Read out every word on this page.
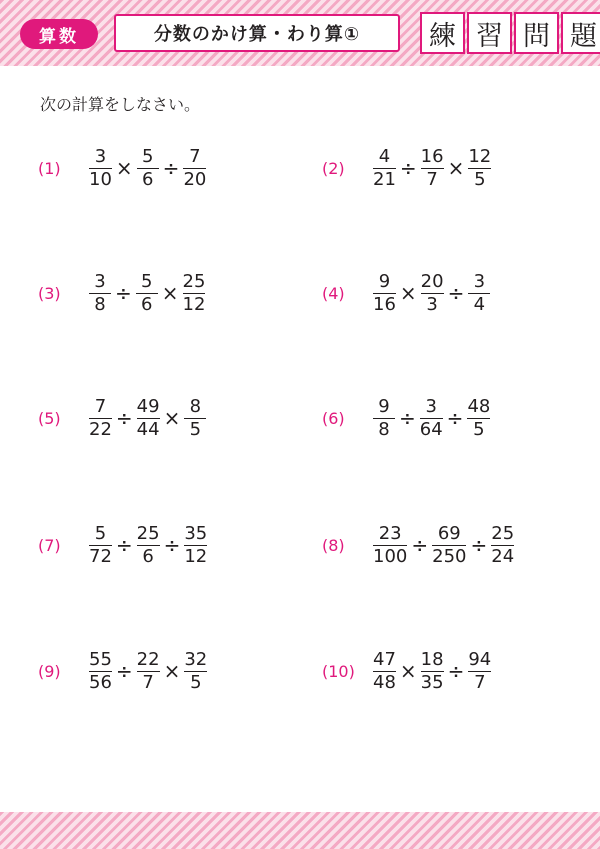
算数	分数のかけ算・わり算①	練 習 問 題
次の計算をしなさい。
(1)	$\frac{3}{10} \times \frac{5}{6} \div \frac{7}{20}$	(2)	$\frac{4}{21} \div \frac{16}{7} \times \frac{12}{5}$
(3)	$\frac{3}{8} \div \frac{5}{6} \times \frac{25}{12}$	(4)	$\frac{9}{16} \times \frac{20}{3} \div \frac{3}{4}$
(5)	$\frac{7}{22} \div \frac{49}{44} \times \frac{8}{5}$	(6)	$\frac{9}{8} \div \frac{3}{64} \div \frac{48}{5}$
(7)	$\frac{5}{72} \div \frac{25}{6} \div \frac{35}{12}$	(8)	$\frac{23}{100} \div \frac{69}{250} \div \frac{25}{24}$
(9)	$\frac{55}{56} \div \frac{22}{7} \times \frac{32}{5}$	$(10) \frac{47}{48} \times \frac{18}{35} \div \frac{94}{7}$
